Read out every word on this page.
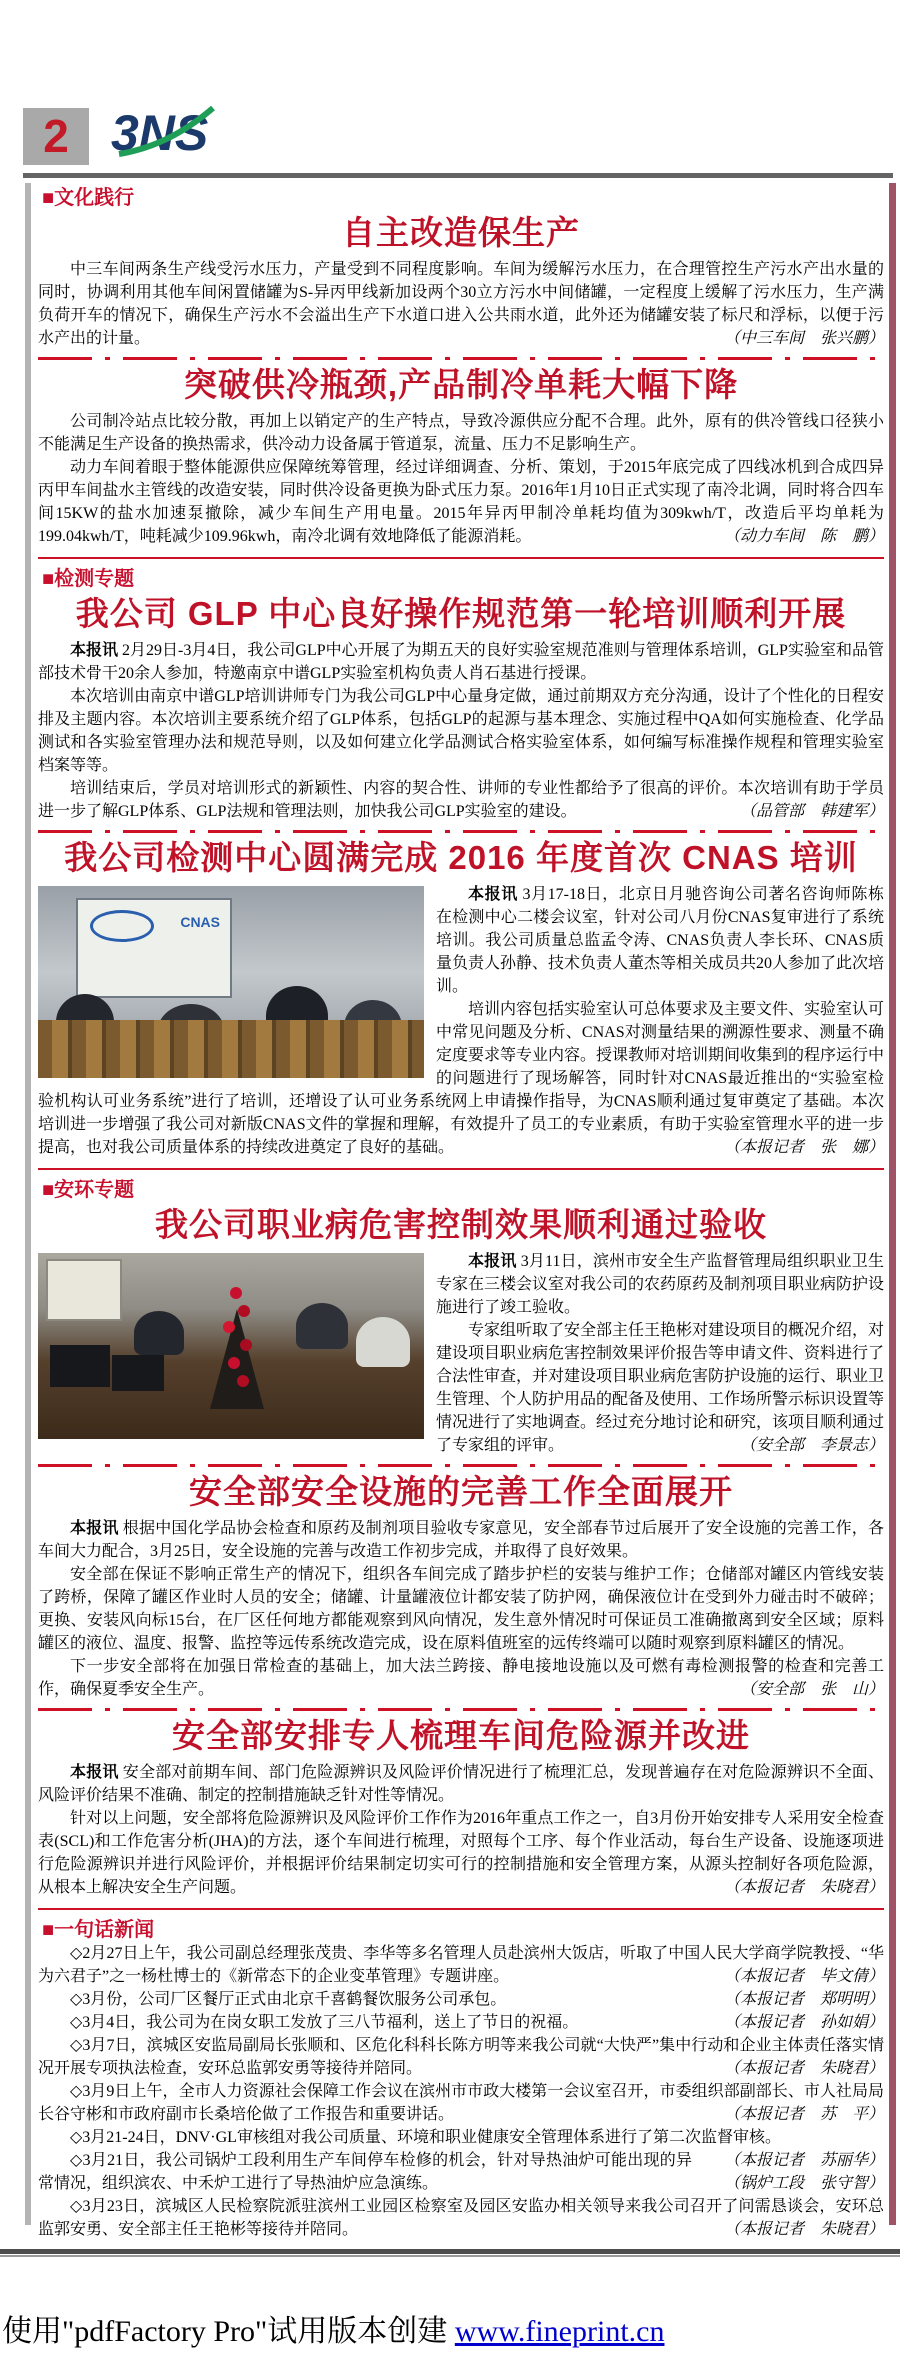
2 3NS
■文化践行
自主改造保生产

中三车间两条生产线受污水压力，产量受到不同程度影响。车间为缓解污水压力，在合理管控生产污水产出水量的同时，协调利用其他车间闲置储罐为S-异丙甲线新加设两个30立方污水中间储罐，一定程度上缓解了污水压力，生产满负荷开车的情况下，确保生产污水不会溢出生产下水道口进入公共雨水道，此外还为储罐安装了标尺和浮标，以便于污水产出的计量。	（中三车间　张兴鹏）

突破供冷瓶颈,产品制冷单耗大幅下降

公司制冷站点比较分散，再加上以销定产的生产特点，导致冷源供应分配不合理。此外，原有的供冷管线口径狭小不能满足生产设备的换热需求，供冷动力设备属于管道泵，流量、压力不足影响生产。

动力车间着眼于整体能源供应保障统筹管理，经过详细调查、分析、策划，于2015年底完成了四线冰机到合成四异丙甲车间盐水主管线的改造安装，同时供冷设备更换为卧式压力泵。2016年1月10日正式实现了南冷北调，同时将合四车间15KW的盐水加速泵撤除，减少车间生产用电量。2015年异丙甲制冷单耗均值为309kwh/T，改造后平均单耗为199.04kwh/T，吨耗减少109.96kwh，南冷北调有效地降低了能源消耗。	（动力车间　陈　鹏）

■检测专题
我公司 GLP 中心良好操作规范第一轮培训顺利开展

本报讯 2月29日-3月4日，我公司GLP中心开展了为期五天的良好实验室规范准则与管理体系培训，GLP实验室和品管部技术骨干20余人参加，特邀南京中谱GLP实验室机构负责人肖石基进行授课。

本次培训由南京中谱GLP培训讲师专门为我公司GLP中心量身定做，通过前期双方充分沟通，设计了个性化的日程安排及主题内容。本次培训主要系统介绍了GLP体系，包括GLP的起源与基本理念、实施过程中QA如何实施检查、化学品测试和各实验室管理办法和规范导则，以及如何建立化学品测试合格实验室体系，如何编写标准操作规程和管理实验室档案等等。

培训结束后，学员对培训形式的新颖性、内容的契合性、讲师的专业性都给予了很高的评价。本次培训有助于学员进一步了解GLP体系、GLP法规和管理法则，加快我公司GLP实验室的建设。	（品管部　韩建军）

我公司检测中心圆满完成 2016 年度首次 CNAS 培训
CNAS

本报讯 3月17-18日，北京日月驰咨询公司著名咨询师陈栋在检测中心二楼会议室，针对公司八月份CNAS复审进行了系统培训。我公司质量总监孟令涛、CNAS负责人李长环、CNAS质量负责人孙静、技术负责人董杰等相关成员共20人参加了此次培训。

培训内容包括实验室认可总体要求及主要文件、实验室认可中常见问题及分析、CNAS对测量结果的溯源性要求、测量不确定度要求等专业内容。授课教师对培训期间收集到的程序运行中的问题进行了现场解答，同时针对CNAS最近推出的“实验室检验机构认可业务系统”进行了培训，还增设了认可业务系统网上申请操作指导，为CNAS顺利通过复审奠定了基础。本次培训进一步增强了我公司对新版CNAS文件的掌握和理解，有效提升了员工的专业素质，有助于实验室管理水平的进一步提高，也对我公司质量体系的持续改进奠定了良好的基础。	（本报记者　张　娜）

■安环专题
我公司职业病危害控制效果顺利通过验收

本报讯 3月11日，滨州市安全生产监督管理局组织职业卫生专家在三楼会议室对我公司的农药原药及制剂项目职业病防护设施进行了竣工验收。

专家组听取了安全部主任王艳彬对建设项目的概况介绍，对建设项目职业病危害控制效果评价报告等申请文件、资料进行了合法性审查，并对建设项目职业病危害防护设施的运行、职业卫生管理、个人防护用品的配备及使用、工作场所警示标识设置等情况进行了实地调查。经过充分地讨论和研究，该项目顺利通过了专家组的评审。	（安全部　李景志）

安全部安全设施的完善工作全面展开

本报讯 根据中国化学品协会检查和原药及制剂项目验收专家意见，安全部春节过后展开了安全设施的完善工作，各车间大力配合，3月25日，安全设施的完善与改造工作初步完成，并取得了良好效果。

安全部在保证不影响正常生产的情况下，组织各车间完成了踏步护栏的安装与维护工作；仓储部对罐区内管线安装了跨桥，保障了罐区作业时人员的安全；储罐、计量罐液位计都安装了防护网，确保液位计在受到外力碰击时不破碎；更换、安装风向标15台，在厂区任何地方都能观察到风向情况，发生意外情况时可保证员工准确撤离到安全区域；原料罐区的液位、温度、报警、监控等远传系统改造完成，设在原料值班室的远传终端可以随时观察到原料罐区的情况。

下一步安全部将在加强日常检查的基础上，加大法兰跨接、静电接地设施以及可燃有毒检测报警的检查和完善工作，确保夏季安全生产。	（安全部　张　山）

安全部安排专人梳理车间危险源并改进

本报讯 安全部对前期车间、部门危险源辨识及风险评价情况进行了梳理汇总，发现普遍存在对危险源辨识不全面、风险评价结果不准确、制定的控制措施缺乏针对性等情况。

针对以上问题，安全部将危险源辨识及风险评价工作作为2016年重点工作之一，自3月份开始安排专人采用安全检查表(SCL)和工作危害分析(JHA)的方法，逐个车间进行梳理，对照每个工序、每个作业活动，每台生产设备、设施逐项进行危险源辨识并进行风险评价，并根据评价结果制定切实可行的控制措施和安全管理方案，从源头控制好各项危险源，从根本上解决安全生产问题。	（本报记者　朱晓君）

■一句话新闻

◇2月27日上午，我公司副总经理张茂贵、李华等多名管理人员赴滨州大饭店，听取了中国人民大学商学院教授、“华为六君子”之一杨杜博士的《新常态下的企业变革管理》专题讲座。	（本报记者　毕文倩）

◇3月份，公司厂区餐厅正式由北京千喜鹤餐饮服务公司承包。	（本报记者　郑明明）

◇3月4日，我公司为在岗女职工发放了三八节福利，送上了节日的祝福。	（本报记者　孙如娟）

◇3月7日，滨城区安监局副局长张顺和、区危化科科长陈方明等来我公司就“大快严”集中行动和企业主体责任落实情况开展专项执法检查，安环总监郭安勇等接待并陪同。	（本报记者　朱晓君）

◇3月9日上午，全市人力资源社会保障工作会议在滨州市市政大楼第一会议室召开，市委组织部副部长、市人社局局长谷守彬和市政府副市长桑培伦做了工作报告和重要讲话。	（本报记者　苏　平）

◇3月21-24日，DNV·GL审核组对我公司质量、环境和职业健康安全管理体系进行了第二次监督审核。
（本报记者　苏丽华）

◇3月21日，我公司锅炉工段利用生产车间停车检修的机会，针对导热油炉可能出现的异常情况，组织滨农、中禾炉工进行了导热油炉应急演练。	（锅炉工段　张守智）

◇3月23日，滨城区人民检察院派驻滨州工业园区检察室及园区安监办相关领导来我公司召开了问需恳谈会，安环总监郭安勇、安全部主任王艳彬等接待并陪同。	（本报记者　朱晓君）

使用"pdfFactory Pro"试用版本创建 www.fineprint.cn
